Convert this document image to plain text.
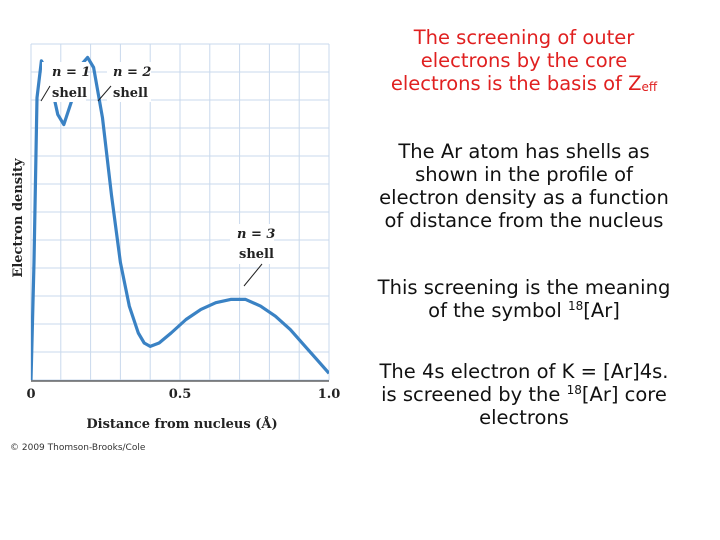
Electron density
Distance from nucleus (Å)
0	0.5	1.0
n = 1
shell
n = 2
shell
n = 3
shell
© 2009 Thomson-Brooks/Cole
The screening of outer
electrons by the core
electrons is the basis of $Z_{eff}$
The Ar atom has shells as
shown in the profile of
electron density as a function
of distance from the nucleus
This screening is the meaning
of the symbol $^{18}$[Ar]
The 4s electron of K = [Ar]4s.
is screened by the $^{18}$[Ar] core
electrons
